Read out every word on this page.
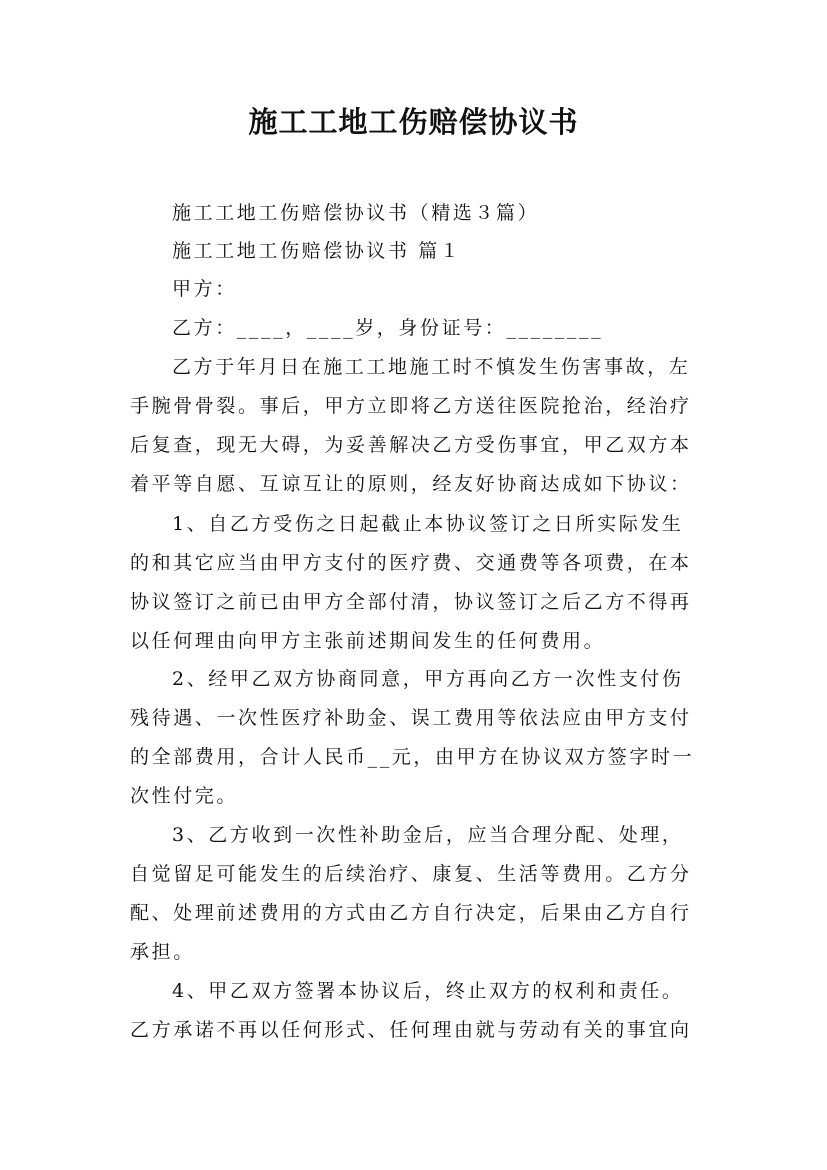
施工工地工伤赔偿协议书
施工工地工伤赔偿协议书（精选３篇）
施工工地工伤赔偿协议书 篇１
甲方：
乙方：____，____岁，身份证号：________
乙方于年月日在施工工地施工时不慎发生伤害事故，左
手腕骨骨裂。事后，甲方立即将乙方送往医院抢治，经治疗
后复查，现无大碍，为妥善解决乙方受伤事宜，甲乙双方本
着平等自愿、互谅互让的原则，经友好协商达成如下协议：
1、自乙方受伤之日起截止本协议签订之日所实际发生
的和其它应当由甲方支付的医疗费、交通费等各项费，在本
协议签订之前已由甲方全部付清，协议签订之后乙方不得再
以任何理由向甲方主张前述期间发生的任何费用。
2、经甲乙双方协商同意，甲方再向乙方一次性支付伤
残待遇、一次性医疗补助金、误工费用等依法应由甲方支付
的全部费用，合计人民币__元，由甲方在协议双方签字时一
次性付完。
3、乙方收到一次性补助金后，应当合理分配、处理，
自觉留足可能发生的后续治疗、康复、生活等费用。乙方分
配、处理前述费用的方式由乙方自行决定，后果由乙方自行
承担。
4、甲乙双方签署本协议后，终止双方的权利和责任。
乙方承诺不再以任何形式、任何理由就与劳动有关的事宜向
